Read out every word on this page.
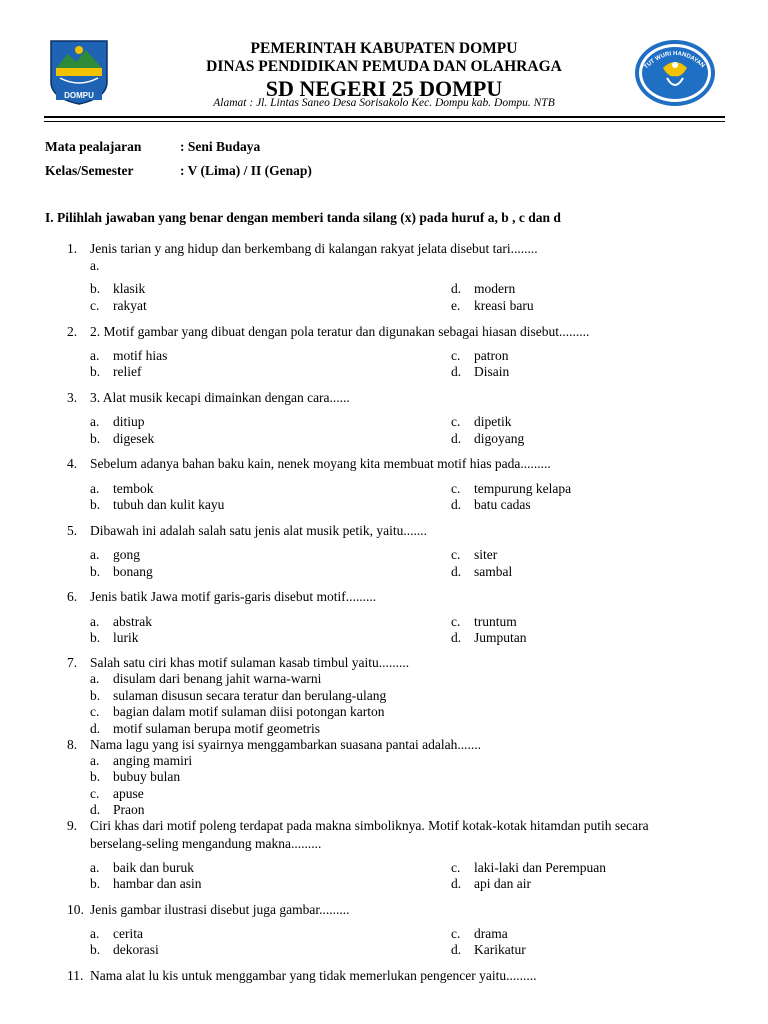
DOMPU
TUT WURI HANDAYAN
PEMERINTAH KABUPATEN DOMPU
DINAS PENDIDIKAN PEMUDA DAN OLAHRAGA
SD NEGERI 25 DOMPU
Alamat : Jl. Lintas Saneo Desa Sorisakolo Kec. Dompu kab. Dompu. NTB
Mata pealajaran	: Seni Budaya
Kelas/Semester	: V (Lima) / II (Genap)
I. Pilihlah jawaban yang benar dengan memberi tanda silang (x) pada huruf a, b , c dan d
1. Jenis tarian y ang hidup dan berkembang di kalangan rakyat jelata disebut tari........
a.
b. klasik
c. rakyat
d. modern
e. kreasi baru
2. 2. Motif gambar yang dibuat dengan pola teratur dan digunakan sebagai hiasan disebut.........
a. motif hias
b. relief
c. patron
d. Disain
3. 3. Alat musik kecapi dimainkan dengan cara......
a. ditiup
b. digesek
c. dipetik
d. digoyang
4. Sebelum adanya bahan baku kain, nenek moyang kita membuat motif hias pada.........
a. tembok
b. tubuh dan kulit kayu
c. tempurung kelapa
d. batu cadas
5. Dibawah ini adalah salah satu jenis alat musik petik, yaitu.......
a. gong
b. bonang
c. siter
d. sambal
6. Jenis batik Jawa motif garis-garis disebut motif.........
a. abstrak
b. lurik
c. truntum
d. Jumputan
7. Salah satu ciri khas motif sulaman kasab timbul yaitu.........
a. disulam dari benang jahit warna-warni
b. sulaman disusun secara teratur dan berulang-ulang
c. bagian dalam motif sulaman diisi potongan karton
d. motif sulaman berupa motif geometris
8. Nama lagu yang isi syairnya menggambarkan suasana pantai adalah.......
a. anging mamiri
b. bubuy bulan
c. apuse
d. Praon
9. Ciri khas dari motif poleng terdapat pada makna simboliknya. Motif kotak-kotak hitamdan putih secara
berselang-seling mengandung makna.........
a. baik dan buruk
b. hambar dan asin
c. laki-laki dan Perempuan
d. api dan air
10. Jenis gambar ilustrasi disebut juga gambar.........
a. cerita
b. dekorasi
c. drama
d. Karikatur
11. Nama alat lu kis untuk menggambar yang tidak memerlukan pengencer yaitu.........
